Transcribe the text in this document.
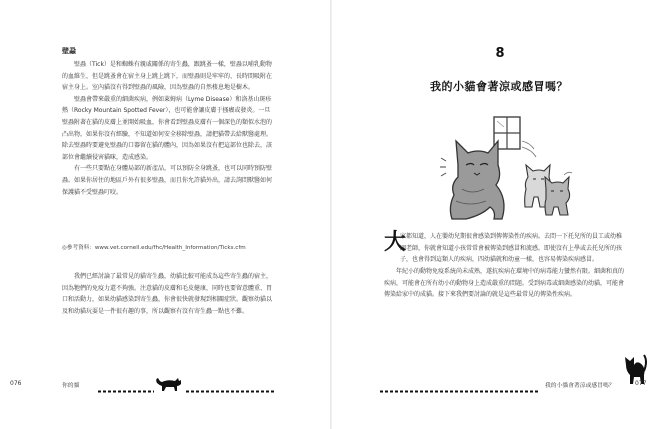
壁蝨

壁蝨（Tick）是和蜘蛛有親戚關係的寄生蟲，跟跳蚤一樣，壁蝨以哺乳動物的血維生，但是跳蚤會在宿主身上跳上跳下，而壁蝨則是牢牢的、長時間吸附在宿主身上。室內貓沒有得到壁蝨的風險，因為壁蝨的自然棲息地是樹木。

壁蝨會帶來嚴重的細菌疾病，例如萊姆病（Lyme Disease）和洛基山斑疹熱（Rocky Mountain Spotted Fever），也可能會讓皮膚于搔癢或發炎。一旦壁蝨附著在貓的皮膚上並開始吸血，你會看到壁蝨皮膚有一個深色的類似水泡的凸出物。如果你沒有經驗，不知道如何安全移除壁蝨，請把貓帶去給獸醫處理。除去壁蝨時要避免壁蝨的口器留在貓的體內，因為如果沒有把這部位也除去，該部位會繼續侵害貓咪，造成感染。

有一些只要點在身體局部的新產品，可以預防全身跳蚤，也可以同時預防壁蝨。如果你居住的地區戶外有很多壁蝨，而且你允許貓外出，請去詢問獸醫如何保護貓不受壁蝨叮咬。

◎參考資料：www.vet.cornell.edu/fhc/Health_Information/Ticks.cfm

我們已經討論了最常見的貓寄生蟲，幼貓比較可能成為這些寄生蟲的宿主，因為牠們的免疫力還不夠強。注意貓的皮膚和毛皮健康，同時也要留意體重、胃口和活動力，如果幼貓感染到寄生蟲，你會很快就發現到相關症狀。觀察幼貓以及和幼貓玩耍是一件很有趣的事，所以觀察有沒有寄生蟲一點也不難。

076	你的貓
8
我的小貓會著涼或感冒嗎？
大

家都知道，人在嬰幼兒期很會感染到傳傳染性的疾病。去問一下托兒所的員工或幼稚園老師，你就會知道小孩常常會被傳染到感冒和流感。即使沒有上學或去托兒所的孩子，也會得到這類人的疾病，四幼貓就和幼童一樣，也容易傳染疾病感冒。

年紀小的動物免疫系統尚未成熟，遂抗疾病在環境中的病毒能力蠻然有限。細菌和真的疾病，可能會在所有幼小的動物身上造成嚴重的問題。受到病毒或細菌感染的幼貓，可能會傳染給家中的成貓。接下來我們要討論的就是這些最常見的傳染性疾病。

我的小貓會著涼或感冒嗎？	077
